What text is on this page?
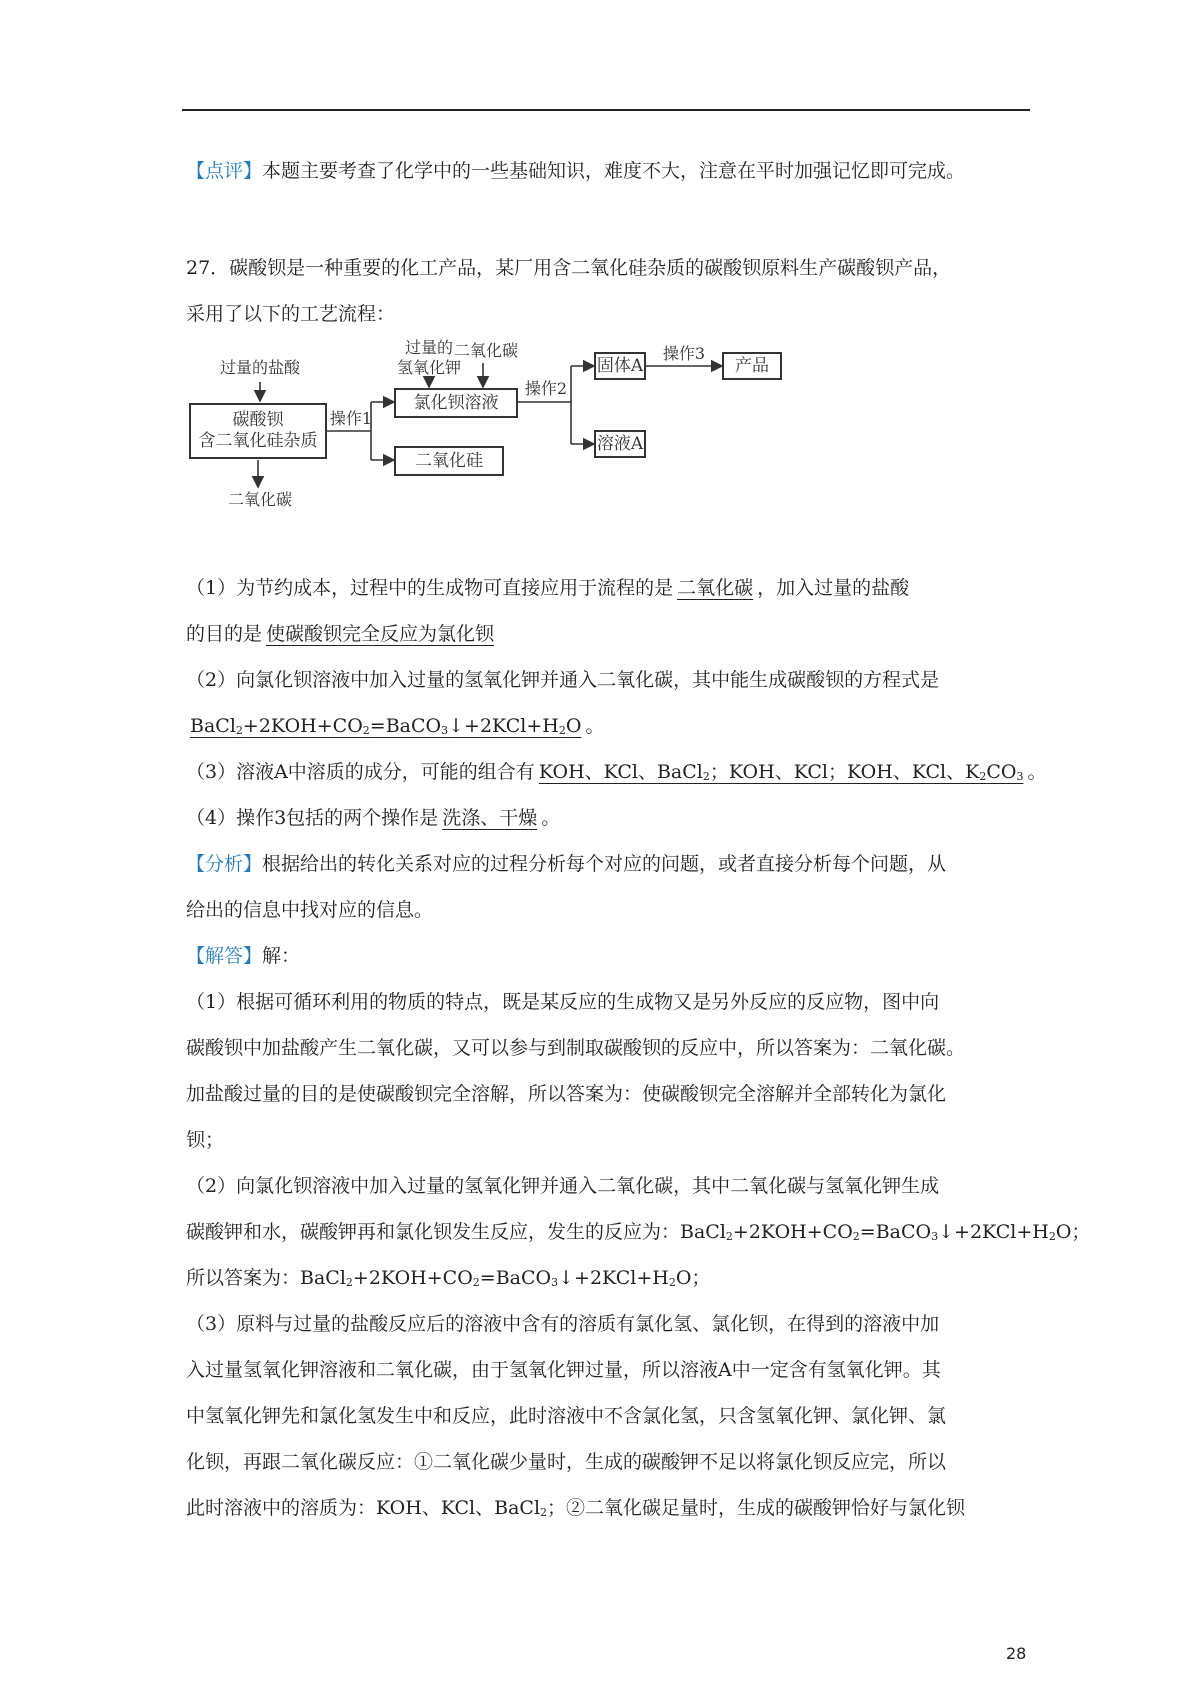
【点评】本题主要考查了化学中的一些基础知识，难度不大，注意在平时加强记忆即可完成。
27．碳酸钡是一种重要的化工产品，某厂用含二氧化硅杂质的碳酸钡原料生产碳酸钡产品，
采用了以下的工艺流程：
过量的盐酸
碳酸钡
含二氧化硅杂质
二氧化碳
操作1
过量的
氢氧化钾
二氧化碳
氯化钡溶液
二氧化硅
操作2
固体A
溶液A
操作3
产品
（1）为节约成本，过程中的生成物可直接应用于流程的是 二氧化碳 ，加入过量的盐酸
的目的是 使碳酸钡完全反应为氯化钡
（2）向氯化钡溶液中加入过量的氢氧化钾并通入二氧化碳，其中能生成碳酸钡的方程式是
$BaCl_2+2KOH+CO_2=BaCO_3↓+2KCl+H_2O$ 。
（3）溶液A中溶质的成分，可能的组合有 KOH、KCl、BaCl$_2$；KOH、KCl；KOH、KCl、$K_2CO_3$ 。
（4）操作3包括的两个操作是 洗涤、干燥 。
【分析】根据给出的转化关系对应的过程分析每个对应的问题，或者直接分析每个问题，从
给出的信息中找对应的信息。
【解答】解：
（1）根据可循环利用的物质的特点，既是某反应的生成物又是另外反应的反应物，图中向
碳酸钡中加盐酸产生二氧化碳，又可以参与到制取碳酸钡的反应中，所以答案为：二氧化碳。
加盐酸过量的目的是使碳酸钡完全溶解，所以答案为：使碳酸钡完全溶解并全部转化为氯化
钡；
（2）向氯化钡溶液中加入过量的氢氧化钾并通入二氧化碳，其中二氧化碳与氢氧化钾生成
碳酸钾和水，碳酸钾再和氯化钡发生反应，发生的反应为：$BaCl_2+2KOH+CO_2=BaCO_3↓+2KCl+H_2O$；
所以答案为：$BaCl_2+2KOH+CO_2=BaCO_3↓+2KCl+H_2O$；
（3）原料与过量的盐酸反应后的溶液中含有的溶质有氯化氢、氯化钡，在得到的溶液中加
入过量氢氧化钾溶液和二氧化碳，由于氢氧化钾过量，所以溶液A中一定含有氢氧化钾。其
中氢氧化钾先和氯化氢发生中和反应，此时溶液中不含氯化氢，只含氢氧化钾、氯化钾、氯
化钡，再跟二氧化碳反应：①二氧化碳少量时，生成的碳酸钾不足以将氯化钡反应完，所以
此时溶液中的溶质为：KOH、KCl、BaCl$_2$；②二氧化碳足量时，生成的碳酸钾恰好与氯化钡
28
